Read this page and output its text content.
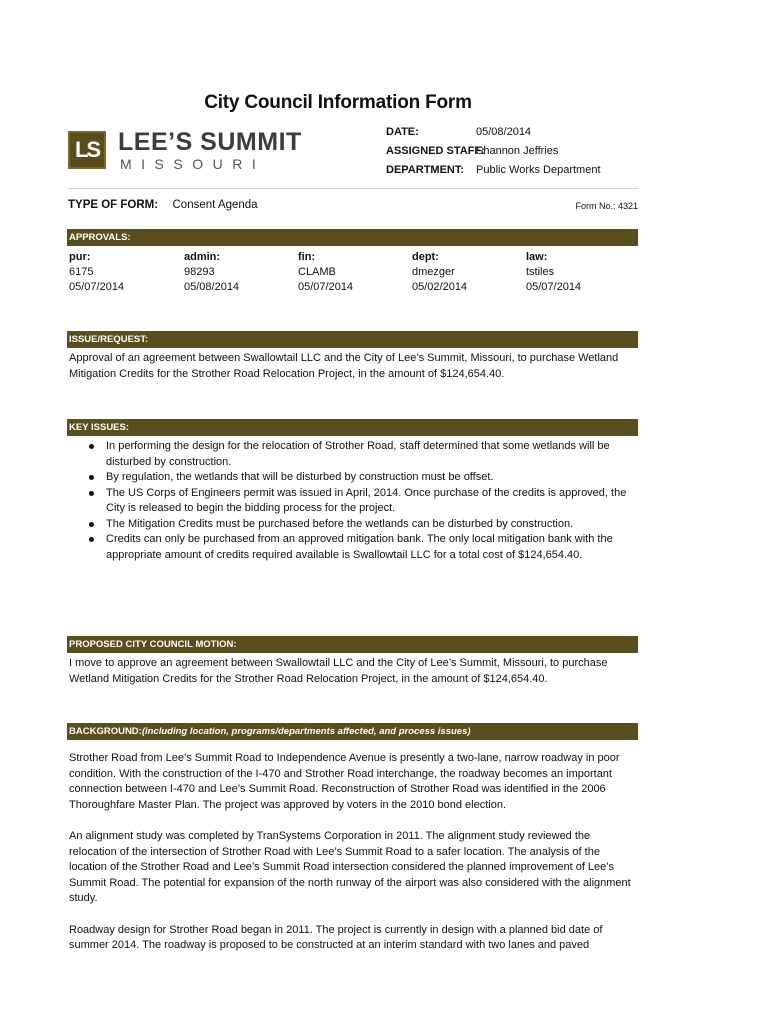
City Council Information Form
LS LEE’S SUMMIT
MISSOURI
DATE:	05/08/2014
ASSIGNED STAFF:
Shannon Jeffries
DEPARTMENT: Public Works Department
TYPE OF FORM: Consent Agenda	Form No.: 4321
APPROVALS:
pur:
6175
05/07/2014
admin:
98293
05/08/2014
fin:
CLAMB
05/07/2014
dept:
dmezger
05/02/2014
law:
tstiles
05/07/2014
ISSUE/REQUEST:
Approval of an agreement between Swallowtail LLC and the City of Lee’s Summit, Missouri, to purchase Wetland Mitigation Credits for the Strother Road Relocation Project, in the amount of $124,654.40.
KEY ISSUES:
In performing the design for the relocation of Strother Road, staff determined that some wetlands will be disturbed by construction.
By regulation, the wetlands that will be disturbed by construction must be offset.
The US Corps of Engineers permit was issued in April, 2014. Once purchase of the credits is approved, the City is released to begin the bidding process for the project.
The Mitigation Credits must be purchased before the wetlands can be disturbed by construction.
Credits can only be purchased from an approved mitigation bank. The only local mitigation bank with the appropriate amount of credits required available is Swallowtail LLC for a total cost of $124,654.40.
PROPOSED CITY COUNCIL MOTION:
I move to approve an agreement between Swallowtail LLC and the City of Lee’s Summit, Missouri, to purchase Wetland Mitigation Credits for the Strother Road Relocation Project, in the amount of $124,654.40.
BACKGROUND:(including location, programs/departments affected, and process issues)

Strother Road from Lee’s Summit Road to Independence Avenue is presently a two-lane, narrow roadway in poor condition. With the construction of the I-470 and Strother Road interchange, the roadway becomes an important connection between I-470 and Lee’s Summit Road. Reconstruction of Strother Road was identified in the 2006 Thoroughfare Master Plan. The project was approved by voters in the 2010 bond election.

An alignment study was completed by TranSystems Corporation in 2011. The alignment study reviewed the relocation of the intersection of Strother Road with Lee’s Summit Road to a safer location. The analysis of the location of the Strother Road and Lee’s Summit Road intersection considered the planned improvement of Lee’s Summit Road. The potential for expansion of the north runway of the airport was also considered with the alignment study.

Roadway design for Strother Road began in 2011. The project is currently in design with a planned bid date of summer 2014. The roadway is proposed to be constructed at an interim standard with two lanes and paved
